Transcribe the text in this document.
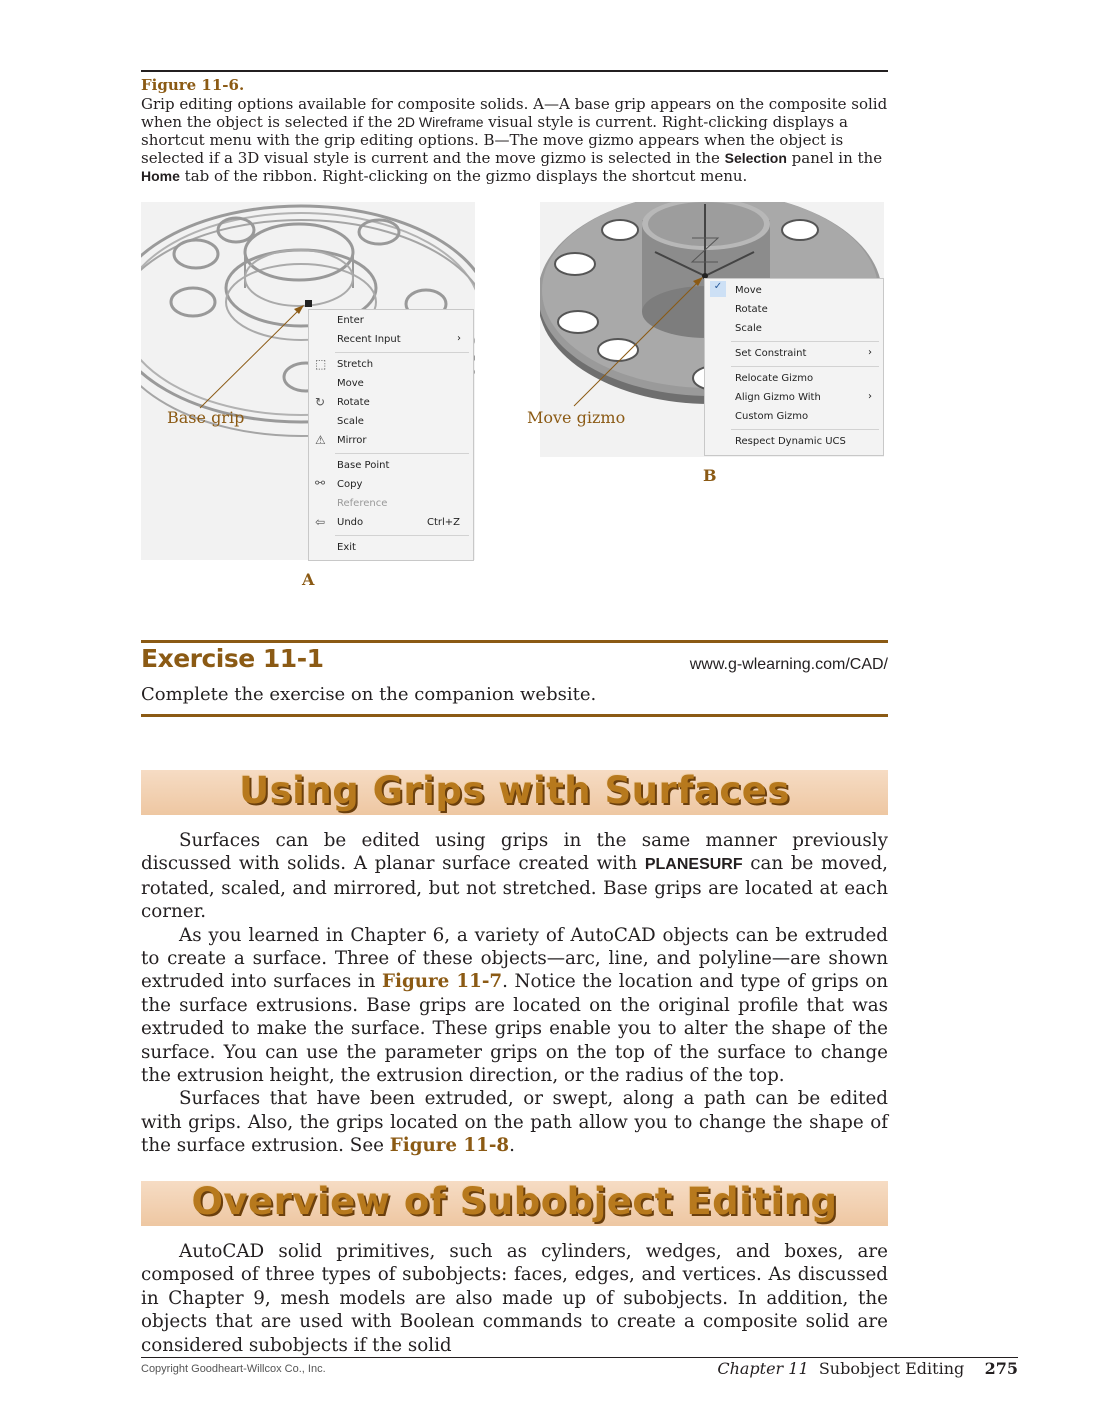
Figure 11-6.
Grip editing options available for composite solids. A—A base grip appears on the composite solid when the object is selected if the 2D Wireframe visual style is current. Right-clicking displays a shortcut menu with the grip editing options. B—The move gizmo appears when the object is selected if a 3D visual style is current and the move gizmo is selected in the Selection panel in the Home tab of the ribbon. Right-clicking on the gizmo displays the shortcut menu.
Enter
Recent Input	›
⬚ Stretch
Move
↻ Rotate
Scale
⚠ Mirror
Base Point
⚯ Copy
Reference
⇦ Undo	Ctrl+Z
Exit
Base grip
A
✓	Move
Rotate
Scale
Set Constraint	›
Relocate Gizmo
Align Gizmo With	›
Custom Gizmo
Respect Dynamic UCS
Move gizmo
B
Exercise 11-1	www.g-wlearning.com/CAD/
Complete the exercise on the companion website.
Using Grips with Surfaces

Surfaces can be edited using grips in the same manner previously discussed with solids. A planar surface created with PLANESURF can be moved, rotated, scaled, and mirrored, but not stretched. Base grips are located at each corner.

As you learned in Chapter 6, a variety of AutoCAD objects can be extruded to create a surface. Three of these objects—arc, line, and polyline—are shown extruded into surfaces in Figure 11-7. Notice the location and type of grips on the surface extrusions. Base grips are located on the original profile that was extruded to make the surface. These grips enable you to alter the shape of the surface. You can use the parameter grips on the top of the surface to change the extrusion height, the extrusion direction, or the radius of the top.

Surfaces that have been extruded, or swept, along a path can be edited with grips. Also, the grips located on the path allow you to change the shape of the surface extrusion. See Figure 11-8.

Overview of Subobject Editing

AutoCAD solid primitives, such as cylinders, wedges, and boxes, are composed of three types of subobjects: faces, edges, and vertices. As discussed in Chapter 9, mesh models are also made up of subobjects. In addition, the objects that are used with Boolean commands to create a composite solid are considered subobjects if the solid

Copyright Goodheart-Willcox Co., Inc.	Chapter 11 Subobject Editing 275
